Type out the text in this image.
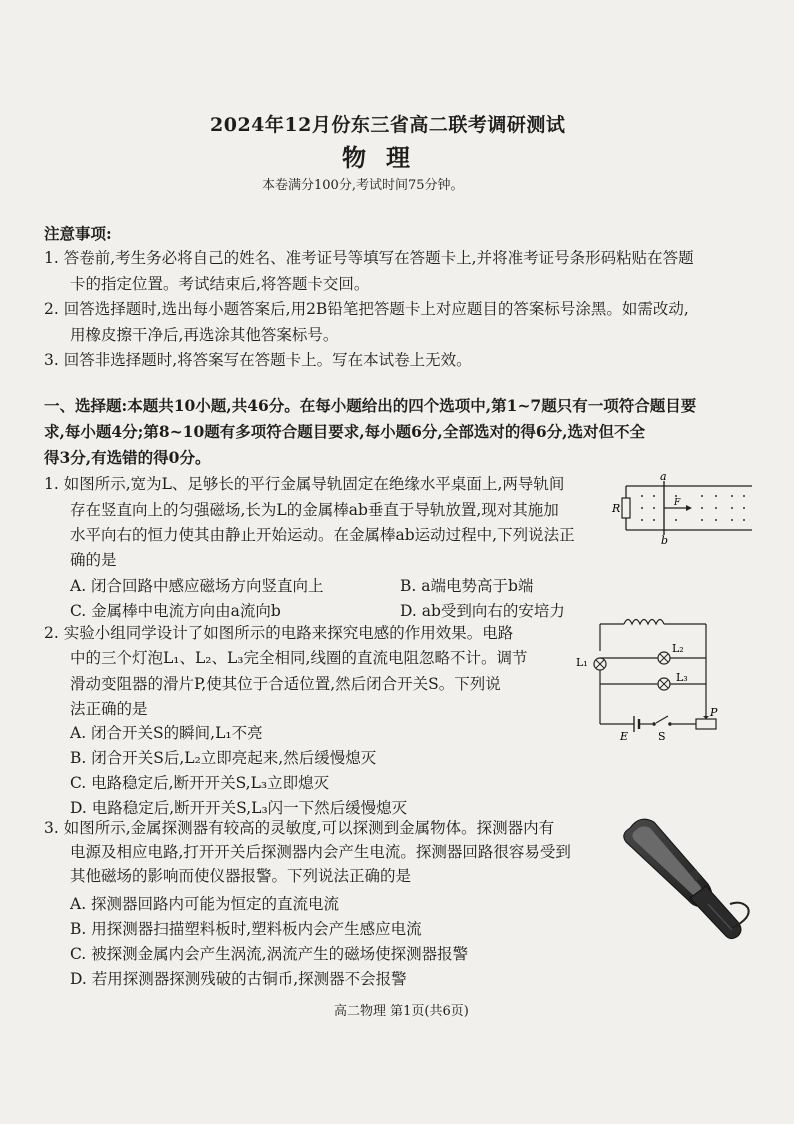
2024年12月份东三省高二联考调研测试
物理
本卷满分100分,考试时间75分钟。
注意事项:
1. 答卷前,考生务必将自己的姓名、准考证号等填写在答题卡上,并将准考证号条形码粘贴在答题
卡的指定位置。考试结束后,将答题卡交回。
2. 回答选择题时,选出每小题答案后,用2B铅笔把答题卡上对应题目的答案标号涂黑。如需改动,
用橡皮擦干净后,再选涂其他答案标号。
3. 回答非选择题时,将答案写在答题卡上。写在本试卷上无效。
一、选择题:本题共10小题,共46分。在每小题给出的四个选项中,第1~7题只有一项符合题目要
求,每小题4分;第8~10题有多项符合题目要求,每小题6分,全部选对的得6分,选对但不全
得3分,有选错的得0分。
1. 如图所示,宽为L、足够长的平行金属导轨固定在绝缘水平桌面上,两导轨间
存在竖直向上的匀强磁场,长为L的金属棒ab垂直于导轨放置,现对其施加
水平向右的恒力使其由静止开始运动。在金属棒ab运动过程中,下列说法正
确的是
A. 闭合回路中感应磁场方向竖直向上	B. a端电势高于b端
C. 金属棒中电流方向由a流向b	D. ab受到向右的安培力
R
a
b
F
2. 实验小组同学设计了如图所示的电路来探究电感的作用效果。电路
中的三个灯泡L₁、L₂、L₃完全相同,线圈的直流电阻忽略不计。调节
滑动变阻器的滑片P,使其位于合适位置,然后闭合开关S。下列说
法正确的是
A. 闭合开关S的瞬间,L₁不亮
B. 闭合开关S后,L₂立即亮起来,然后缓慢熄灭
C. 电路稳定后,断开开关S,L₃立即熄灭
D. 电路稳定后,断开开关S,L₃闪一下然后缓慢熄灭
L₂
L₁
L₃
E	S
P
3. 如图所示,金属探测器有较高的灵敏度,可以探测到金属物体。探测器内有
电源及相应电路,打开开关后探测器内会产生电流。探测器回路很容易受到
其他磁场的影响而使仪器报警。下列说法正确的是
A. 探测器回路内可能为恒定的直流电流
B. 用探测器扫描塑料板时,塑料板内会产生感应电流
C. 被探测金属内会产生涡流,涡流产生的磁场使探测器报警
D. 若用探测器探测残破的古铜币,探测器不会报警
高二物理 第1页(共6页)
